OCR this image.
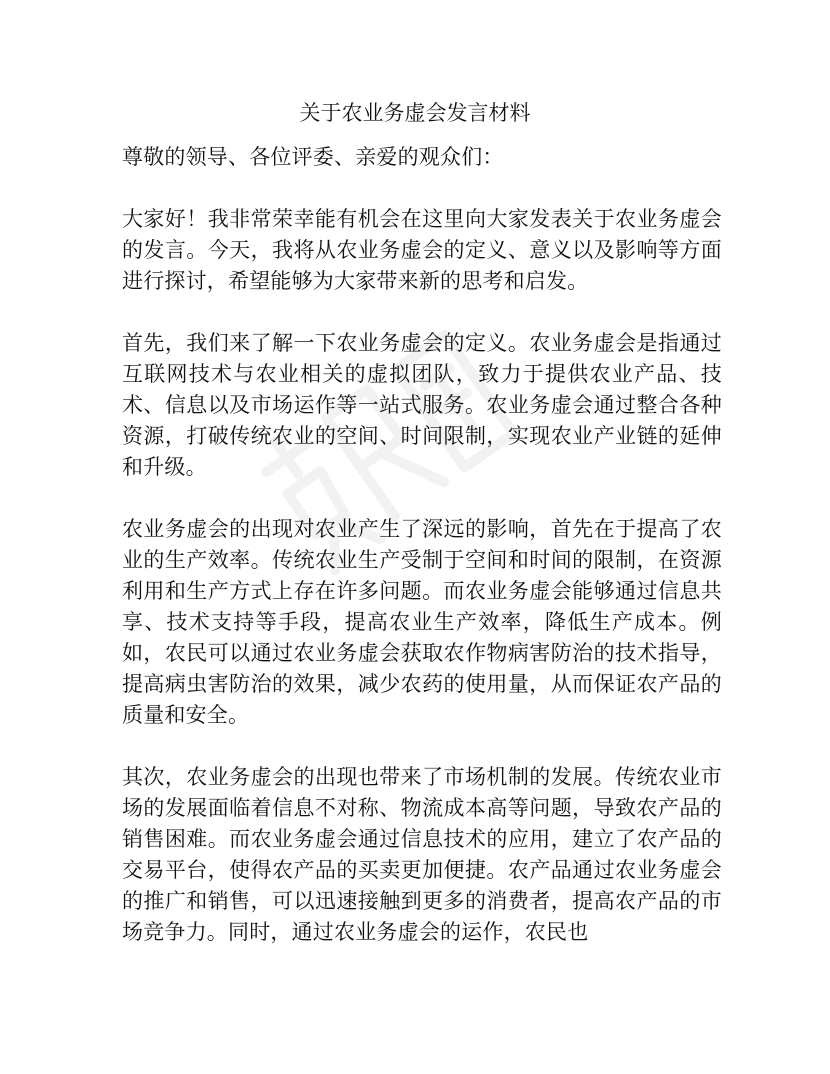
关于农业务虚会发言材料

尊敬的领导、各位评委、亲爱的观众们：

大家好！我非常荣幸能有机会在这里向大家发表关于农业务虚会的发言。今天，我将从农业务虚会的定义、意义以及影响等方面进行探讨，希望能够为大家带来新的思考和启发。

首先，我们来了解一下农业务虚会的定义。农业务虚会是指通过互联网技术与农业相关的虚拟团队，致力于提供农业产品、技术、信息以及市场运作等一站式服务。农业务虚会通过整合各种资源，打破传统农业的空间、时间限制，实现农业产业链的延伸和升级。

农业务虚会的出现对农业产生了深远的影响，首先在于提高了农业的生产效率。传统农业生产受制于空间和时间的限制，在资源利用和生产方式上存在许多问题。而农业务虚会能够通过信息共享、技术支持等手段，提高农业生产效率，降低生产成本。例如，农民可以通过农业务虚会获取农作物病害防治的技术指导，提高病虫害防治的效果，减少农药的使用量，从而保证农产品的质量和安全。

其次，农业务虚会的出现也带来了市场机制的发展。传统农业市场的发展面临着信息不对称、物流成本高等问题，导致农产品的销售困难。而农业务虚会通过信息技术的应用，建立了农产品的交易平台，使得农产品的买卖更加便捷。农产品通过农业务虚会的推广和销售，可以迅速接触到更多的消费者，提高农产品的市场竞争力。同时，通过农业务虚会的运作，农民也
